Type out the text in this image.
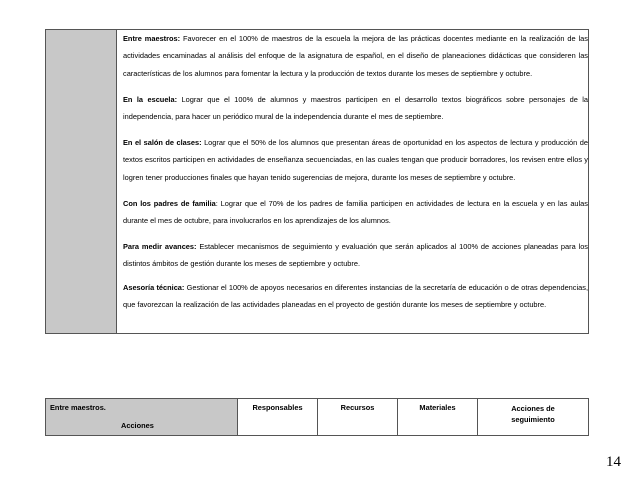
Entre maestros: Favorecer en el 100% de maestros de la escuela la mejora de las prácticas docentes mediante en la realización de las actividades encaminadas al análisis del enfoque de la asignatura de español, en el diseño de planeaciones didácticas que consideren las características de los alumnos para fomentar la lectura y la producción de textos durante los meses de septiembre y octubre.

En la escuela: Lograr que el 100% de alumnos y maestros participen en el desarrollo textos biográficos sobre personajes de la independencia, para hacer un periódico mural de la independencia durante el mes de septiembre.

En el salón de clases: Lograr que el 50% de los alumnos que presentan áreas de oportunidad en los aspectos de lectura y producción de textos escritos participen en actividades de enseñanza secuenciadas, en las cuales tengan que producir borradores, los revisen entre ellos y logren tener producciones finales que hayan tenido sugerencias de mejora, durante los meses de septiembre y octubre.

Con los padres de familia: Lograr que el 70% de los padres de familia participen en actividades de lectura en la escuela y en las aulas durante el mes de octubre, para involucrarlos en los aprendizajes de los alumnos.

Para medir avances: Establecer mecanismos de seguimiento y evaluación que serán aplicados al 100% de acciones planeadas para los distintos ámbitos de gestión durante los meses de septiembre y octubre.

Asesoría técnica: Gestionar el 100% de apoyos necesarios en diferentes instancias de la secretaría de educación o de otras dependencias, que favorezcan la realización de las actividades planeadas en el proyecto de gestión durante los meses de septiembre y octubre.

Entre maestros.
Acciones
Responsables	Recursos	Materiales	Acciones de
seguimiento
14
